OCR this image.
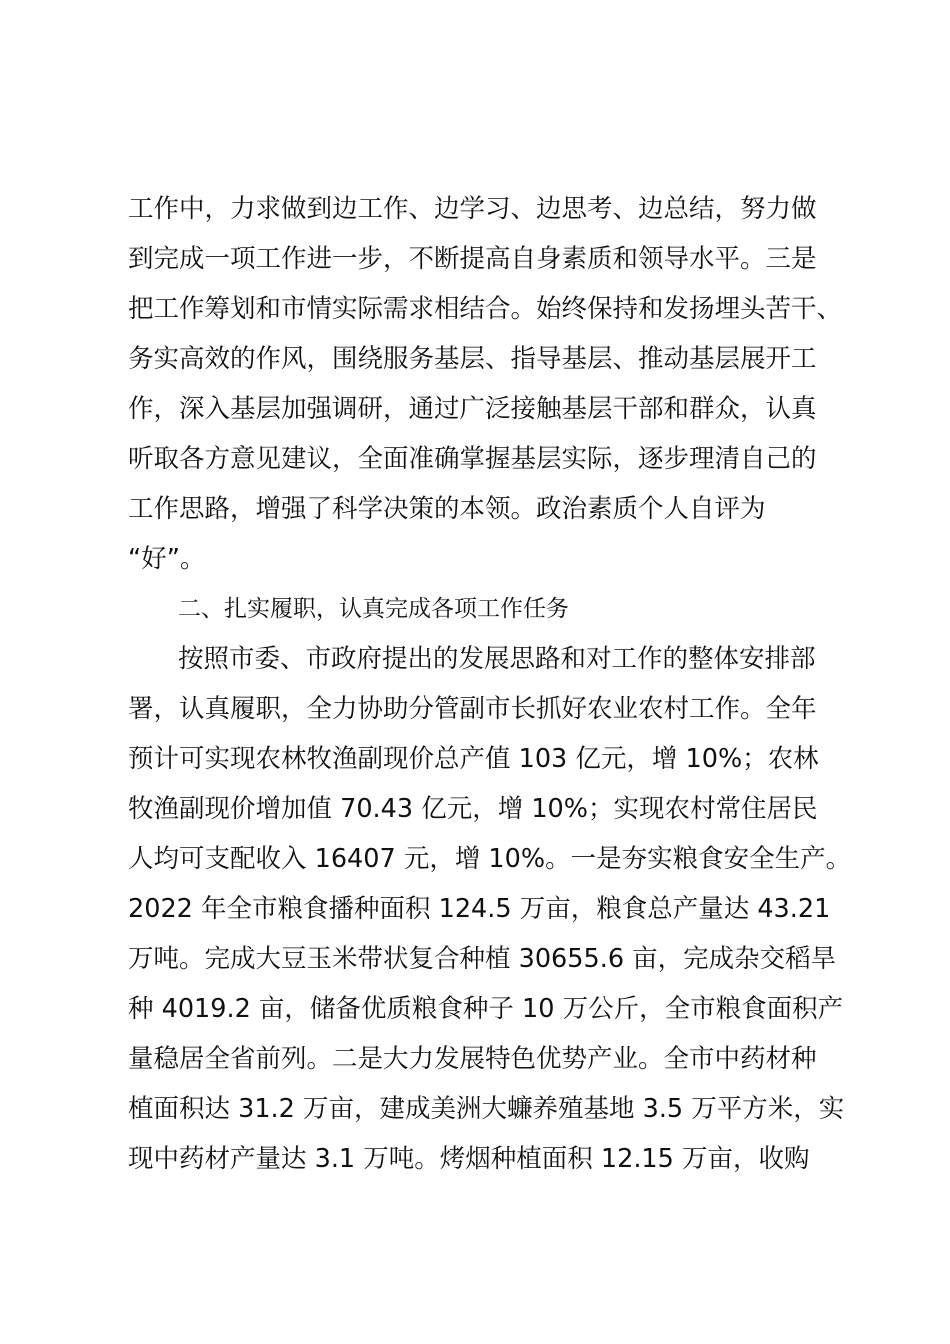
工作中，力求做到边工作、边学习、边思考、边总结，努力做

到完成一项工作进一步，不断提高自身素质和领导水平。三是

把工作筹划和市情实际需求相结合。始终保持和发扬埋头苦干、

务实高效的作风，围绕服务基层、指导基层、推动基层展开工

作，深入基层加强调研，通过广泛接触基层干部和群众，认真

听取各方意见建议，全面准确掌握基层实际，逐步理清自己的

工作思路，增强了科学决策的本领。政治素质个人自评为

“好”。

二、扎实履职，认真完成各项工作任务

按照市委、市政府提出的发展思路和对工作的整体安排部

署，认真履职，全力协助分管副市长抓好农业农村工作。全年

预计可实现农林牧渔副现价总产值 103 亿元，增 10%；农林

牧渔副现价增加值 70.43 亿元，增 10%；实现农村常住居民

人均可支配收入 16407 元，增 10%。一是夯实粮食安全生产。

2022 年全市粮食播种面积 124.5 万亩，粮食总产量达 43.21

万吨。完成大豆玉米带状复合种植 30655.6 亩，完成杂交稻旱

种 4019.2 亩，储备优质粮食种子 10 万公斤，全市粮食面积产

量稳居全省前列。二是大力发展特色优势产业。全市中药材种

植面积达 31.2 万亩，建成美洲大蠊养殖基地 3.5 万平方米，实

现中药材产量达 3.1 万吨。烤烟种植面积 12.15 万亩，收购
